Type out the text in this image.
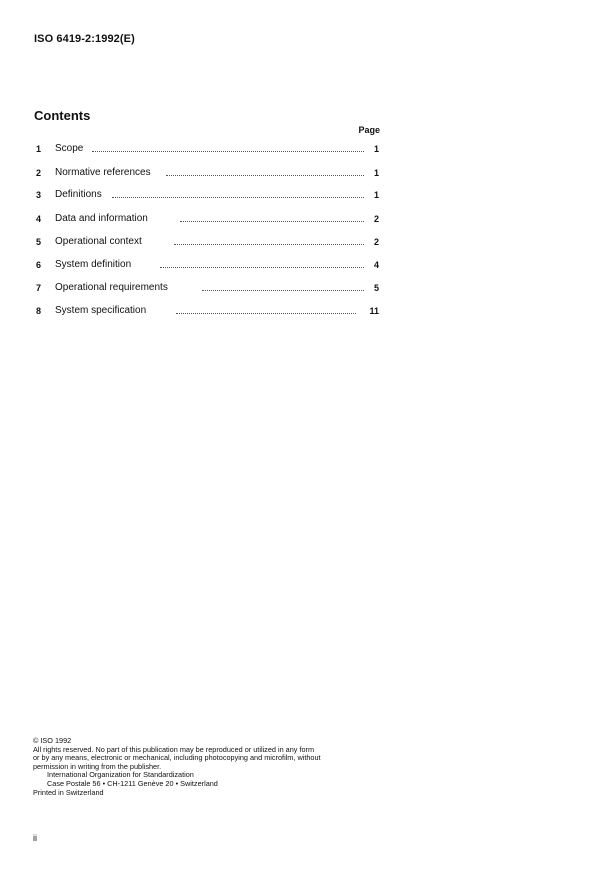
ISO 6419-2:1992(E)
Contents
Page
1 Scope	1
2 Normative references	1
3 Definitions	1
4 Data and information	2
5 Operational context	2
6 System definition	4
7 Operational requirements	5
8 System specification	11

© ISO 1992

All rights reserved. No part of this publication may be reproduced or utilized in any form

or by any means, electronic or mechanical, including photocopying and microfilm, without

permission in writing from the publisher.

International Organization for Standardization

Case Postale 56 • CH-1211 Genève 20 • Switzerland

Printed in Switzerland

ii
